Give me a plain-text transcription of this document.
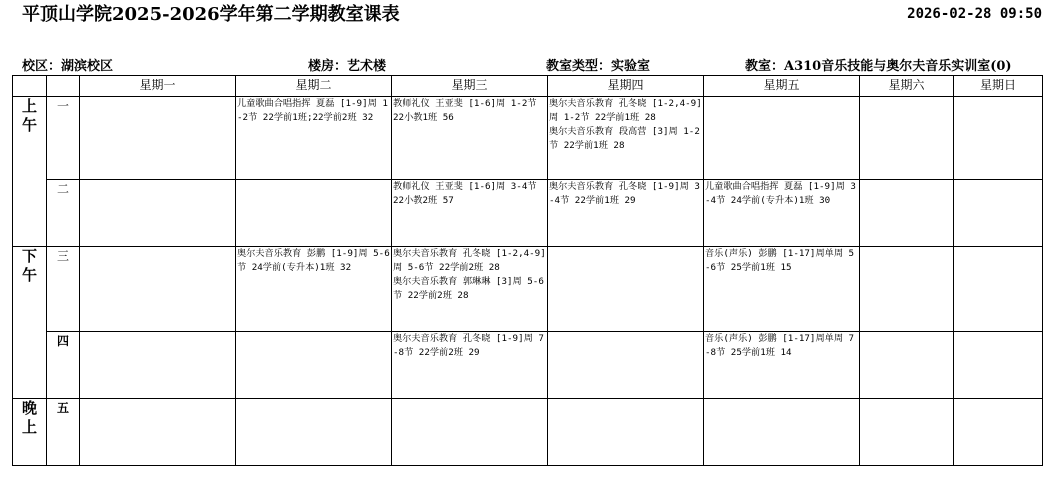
平顶山学院2025-2026学年第二学期教室课表	2026-02-28 09:50
校区：湖滨校区	楼房：艺术楼	教室类型：实验室	教室：A310音乐技能与奥尔夫音乐实训室(0)
		星期一	星期二	星期三	星期四	星期五	星期六	星期日
上午	一		儿童歌曲合唱指挥 夏磊 [1-9]周 1-2节 22学前1班;22学前2班 32	教师礼仪 王亚斐 [1-6]周 1-2节 22小教1班 56	奥尔夫音乐教育 孔冬晓 [1-2,4-9]周 1-2节 22学前1班 28
奥尔夫音乐教育 段高营 [3]周 1-2节 22学前1班 28			

	二			教师礼仪 王亚斐 [1-6]周 3-4节 22小教2班 57	奥尔夫音乐教育 孔冬晓 [1-9]周 3-4节 22学前1班 29	儿童歌曲合唱指挥 夏磊 [1-9]周 3-4节 24学前(专升本)1班 30		

下午	三		奥尔夫音乐教育 彭鹏 [1-9]周 5-6节 24学前(专升本)1班 32	奥尔夫音乐教育 孔冬晓 [1-2,4-9]周 5-6节 22学前2班 28
奥尔夫音乐教育 郭琳琳 [3]周 5-6节 22学前2班 28		音乐(声乐) 彭鹏 [1-17]周单周 5-6节 25学前1班 15		

	四			奥尔夫音乐教育 孔冬晓 [1-9]周 7-8节 22学前2班 29		音乐(声乐) 彭鹏 [1-17]周单周 7-8节 25学前1班 14		

晚上	五							
